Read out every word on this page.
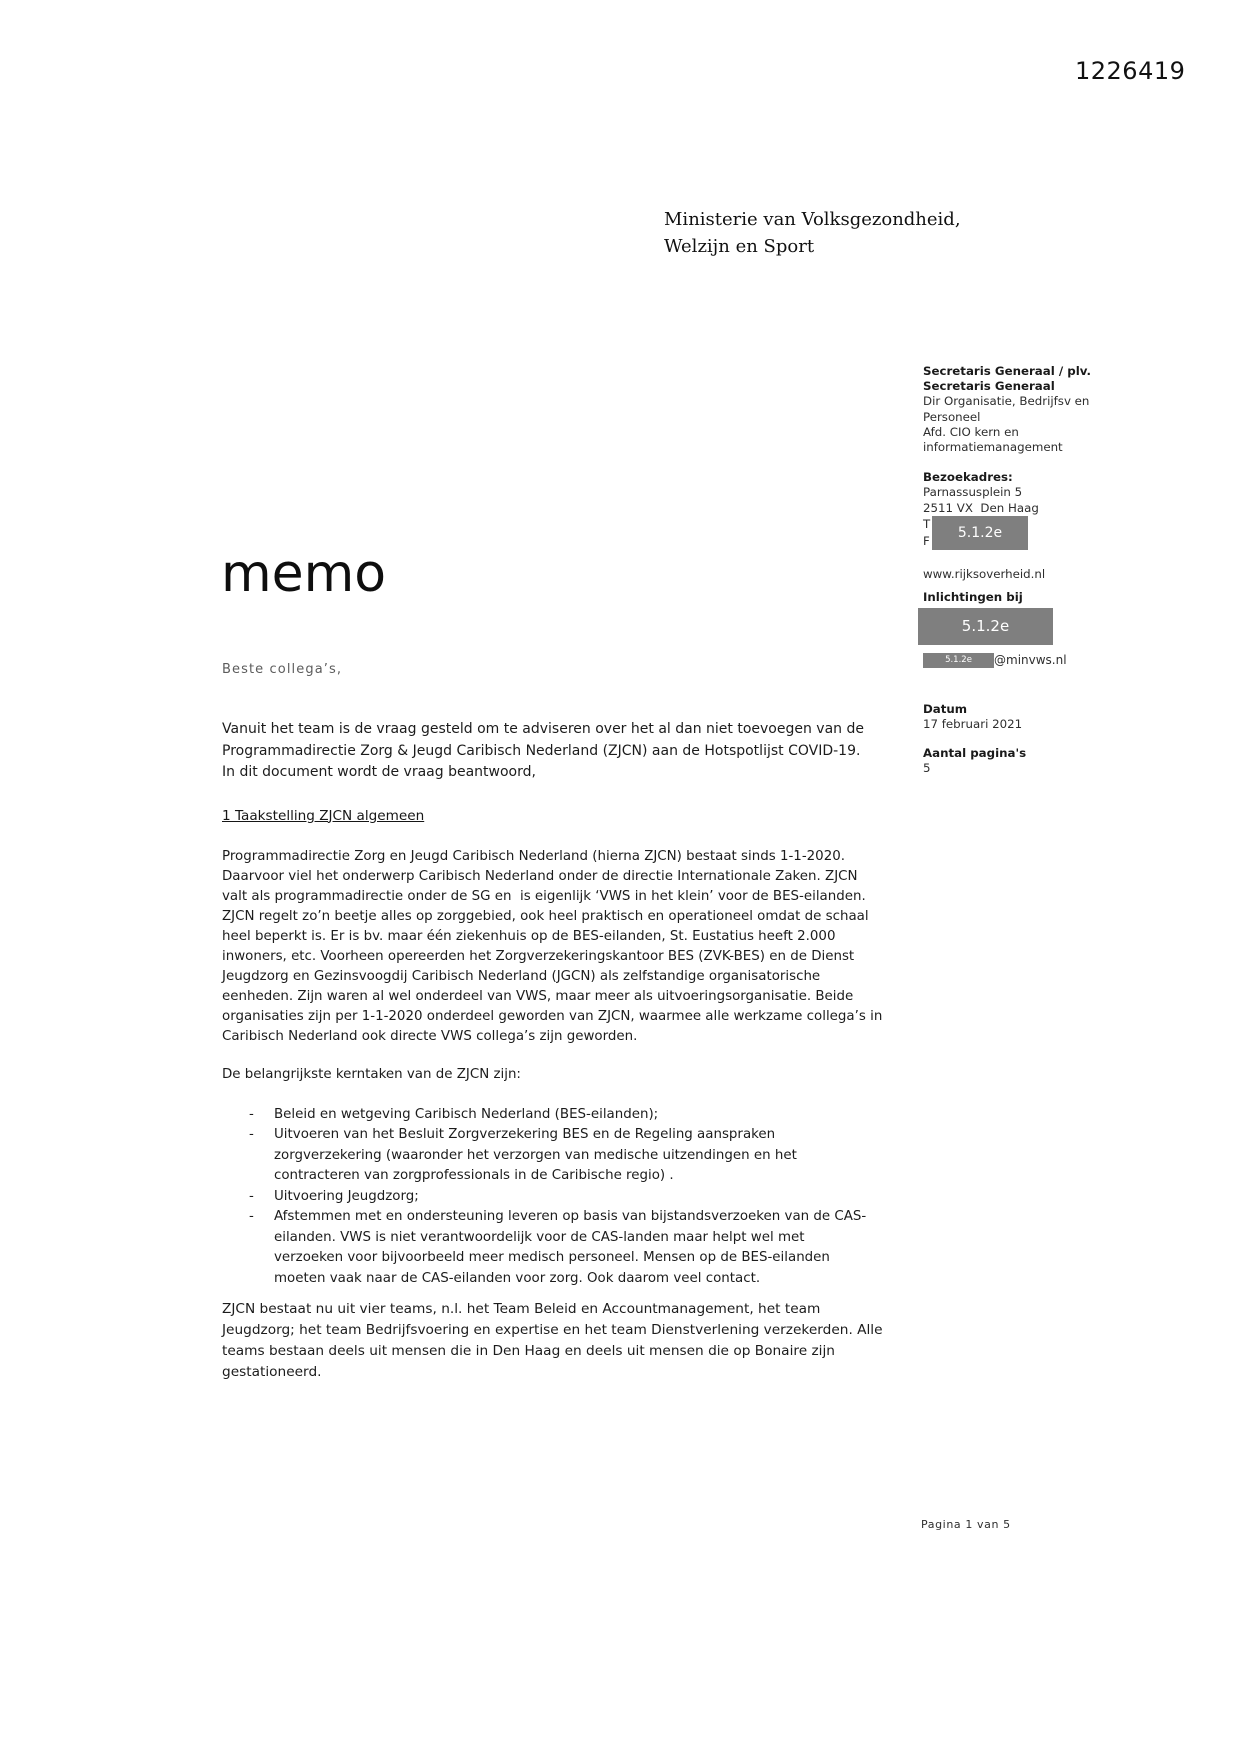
1226419
Ministerie van Volksgezondheid,
Welzijn en Sport
memo
Beste collega’s,

Vanuit het team is de vraag gesteld om te adviseren over het al dan niet toevoegen van de Programmadirectie Zorg & Jeugd Caribisch Nederland (ZJCN) aan de Hotspotlijst COVID-19. In dit document wordt de vraag beantwoord,

1 Taakstelling ZJCN algemeen

Programmadirectie Zorg en Jeugd Caribisch Nederland (hierna ZJCN) bestaat sinds 1-1-2020. Daarvoor viel het onderwerp Caribisch Nederland onder de directie Internationale Zaken. ZJCN valt als programmadirectie onder de SG en  is eigenlijk ‘VWS in het klein’ voor de BES-eilanden. ZJCN regelt zo’n beetje alles op zorggebied, ook heel praktisch en operationeel omdat de schaal heel beperkt is. Er is bv. maar één ziekenhuis op de BES-eilanden, St. Eustatius heeft 2.000 inwoners, etc. Voorheen opereerden het Zorgverzekeringskantoor BES (ZVK-BES) en de Dienst Jeugdzorg en Gezinsvoogdij Caribisch Nederland (JGCN) als zelfstandige organisatorische eenheden. Zijn waren al wel onderdeel van VWS, maar meer als uitvoeringsorganisatie. Beide organisaties zijn per 1-1-2020 onderdeel geworden van ZJCN, waarmee alle werkzame collega’s in Caribisch Nederland ook directe VWS collega’s zijn geworden.

De belangrijkste kerntaken van de ZJCN zijn:

- Beleid en wetgeving Caribisch Nederland (BES-eilanden);
- Uitvoeren van het Besluit Zorgverzekering BES en de Regeling aanspraken zorgverzekering (waaronder het verzorgen van medische uitzendingen en het contracteren van zorgprofessionals in de Caribische regio) .
- Uitvoering Jeugdzorg;
- Afstemmen met en ondersteuning leveren op basis van bijstandsverzoeken van de CAS-eilanden. VWS is niet verantwoordelijk voor de CAS-landen maar helpt wel met verzoeken voor bijvoorbeeld meer medisch personeel. Mensen op de BES-eilanden moeten vaak naar de CAS-eilanden voor zorg. Ook daarom veel contact.

ZJCN bestaat nu uit vier teams, n.l. het Team Beleid en Accountmanagement, het team Jeugdzorg; het team Bedrijfsvoering en expertise en het team Dienstverlening verzekerden. Alle teams bestaan deels uit mensen die in Den Haag en deels uit mensen die op Bonaire zijn gestationeerd.

Secretaris Generaal / plv.
Secretaris Generaal
Dir Organisatie, Bedrijfsv en
Personeel
Afd. CIO kern en
informatiemanagement
Bezoekadres:
Parnassusplein 5
2511 VX  Den Haag
T
F	5.1.2e
www.rijksoverheid.nl
Inlichtingen bij
5.1.2e
5.1.2e @minvws.nl
Datum
17 februari 2021
Aantal pagina's
5
Pagina 1 van 5
